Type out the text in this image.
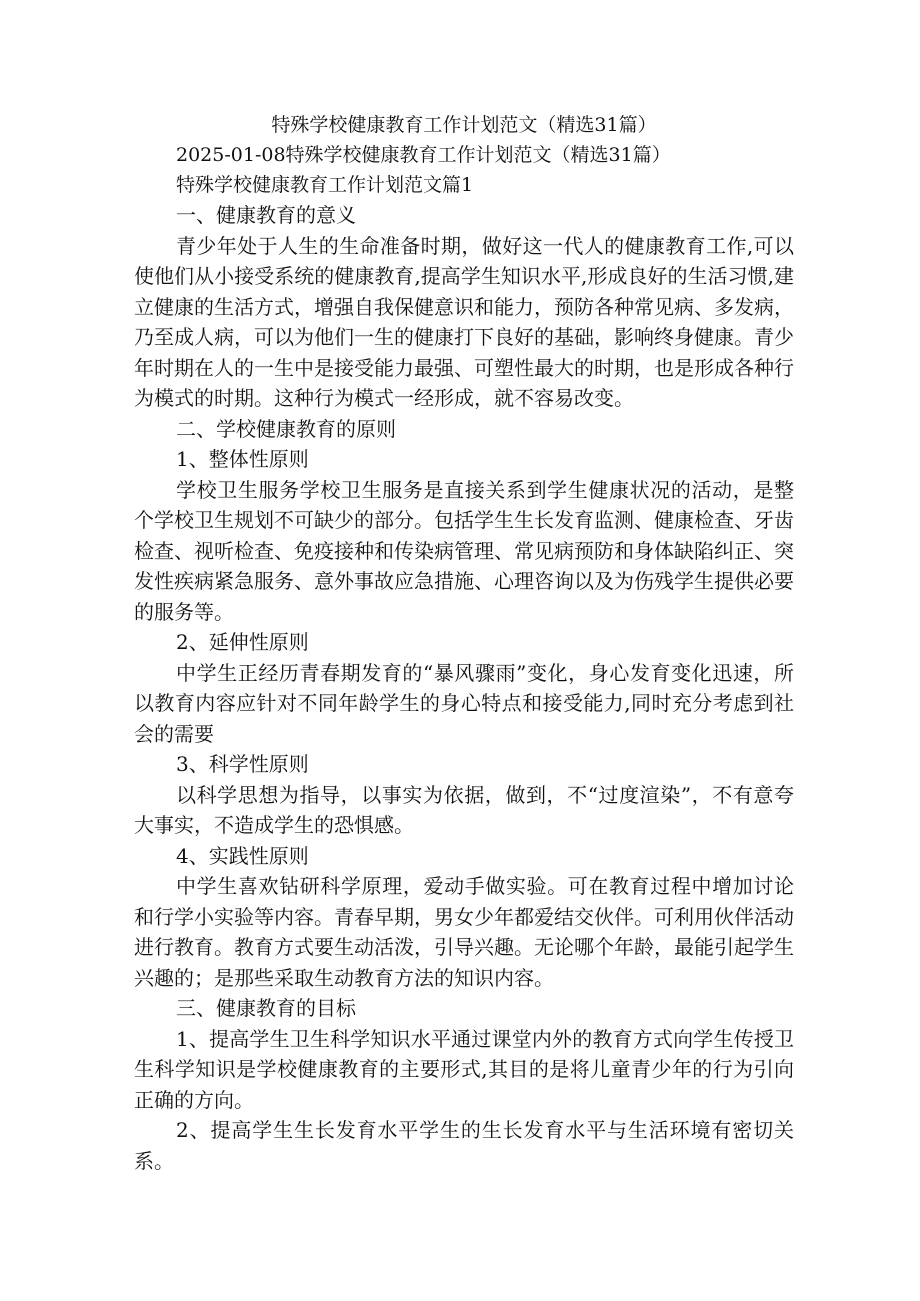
特殊学校健康教育工作计划范文（精选31篇）

2025-01-08特殊学校健康教育工作计划范文（精选31篇）

特殊学校健康教育工作计划范文篇1

一、健康教育的意义

青少年处于人生的生命准备时期，做好这一代人的健康教育工作,可以使他们从小接受系统的健康教育,提高学生知识水平,形成良好的生活习惯,建立健康的生活方式，增强自我保健意识和能力，预防各种常见病、多发病，乃至成人病，可以为他们一生的健康打下良好的基础，影响终身健康。青少年时期在人的一生中是接受能力最强、可塑性最大的时期，也是形成各种行为模式的时期。这种行为模式一经形成，就不容易改变。

二、学校健康教育的原则

1、整体性原则

学校卫生服务学校卫生服务是直接关系到学生健康状况的活动，是整个学校卫生规划不可缺少的部分。包括学生生长发育监测、健康检查、牙齿检查、视听检查、免疫接种和传染病管理、常见病预防和身体缺陷纠正、突发性疾病紧急服务、意外事故应急措施、心理咨询以及为伤残学生提供必要的服务等。

2、延伸性原则

中学生正经历青春期发育的“暴风骤雨”变化，身心发育变化迅速，所以教育内容应针对不同年龄学生的身心特点和接受能力,同时充分考虑到社会的需要

3、科学性原则

以科学思想为指导，以事实为依据，做到，不“过度渲染”，不有意夸大事实，不造成学生的恐惧感。

4、实践性原则

中学生喜欢钻研科学原理，爱动手做实验。可在教育过程中增加讨论和行学小实验等内容。青春早期，男女少年都爱结交伙伴。可利用伙伴活动进行教育。教育方式要生动活泼，引导兴趣。无论哪个年龄，最能引起学生兴趣的；是那些采取生动教育方法的知识内容。

三、健康教育的目标

1、提高学生卫生科学知识水平通过课堂内外的教育方式向学生传授卫生科学知识是学校健康教育的主要形式,其目的是将儿童青少年的行为引向正确的方向。

2、提高学生生长发育水平学生的生长发育水平与生活环境有密切关系。
